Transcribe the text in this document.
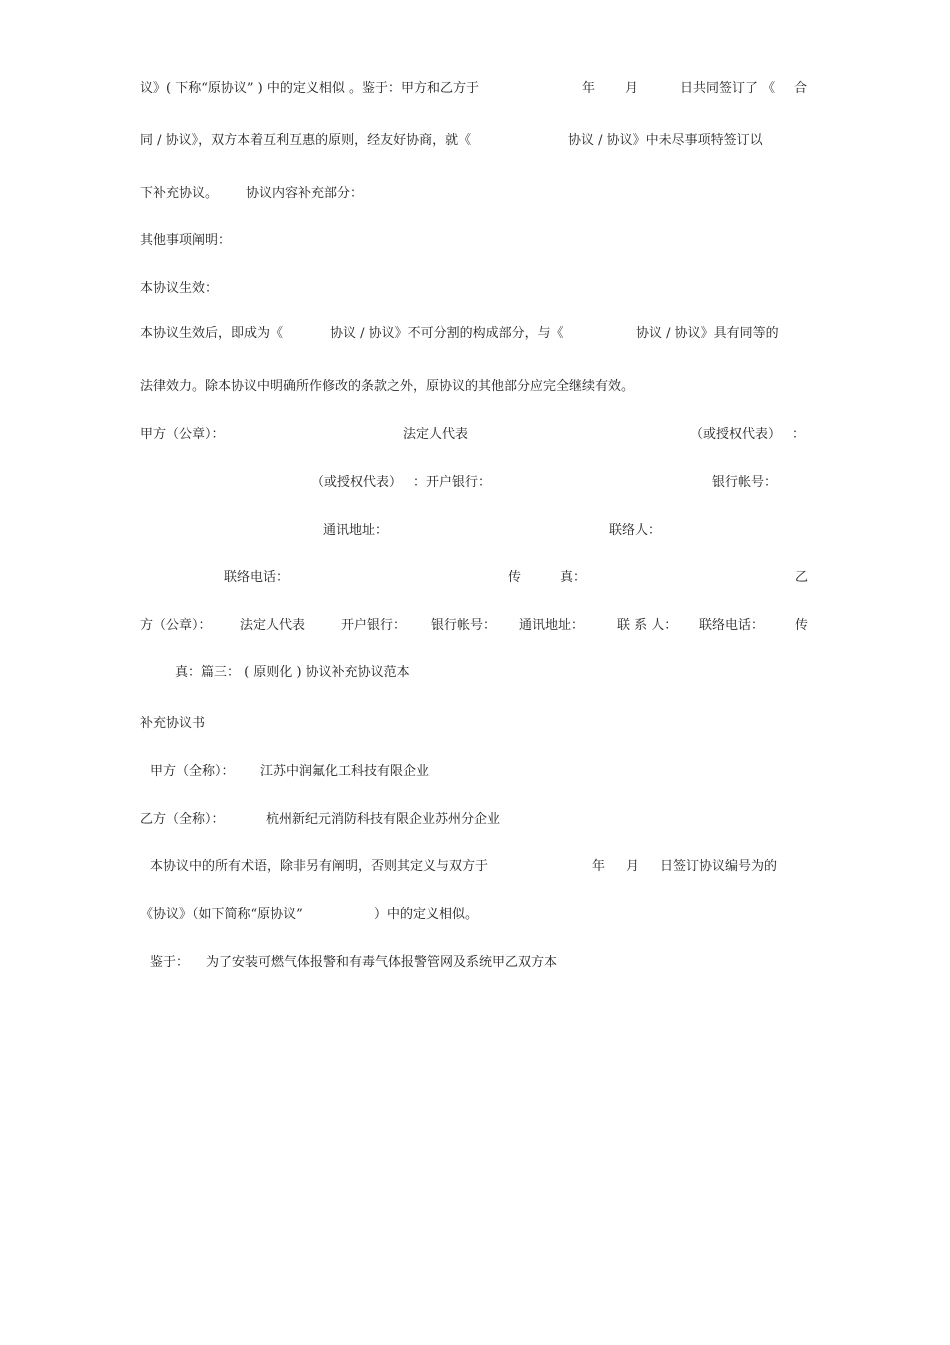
议》( 下称“原协议” ) 中的定义相似 。鉴于：甲方和乙方于	年 月	日共同签订了 《 合
同 / 协议》，双方本着互利互惠的原则，经友好协商，就《	协议 / 协议》中未尽事项特签订以
下补充协议。 协议内容补充部分：
其他事项阐明：
本协议生效：
本协议生效后，即成为《	协议 / 协议》不可分割的构成部分，与《	协议 / 协议》具有同等的
法律效力。除本协议中明确所作修改的条款之外，原协议的其他部分应完全继续有效。
甲方（公章）：	法定人代表	（或授权代表） ：
（或授权代表） ：开户银行：	银行帐号：
通讯地址：	联络人：
联络电话：	传	真：	乙
方（公章）： 法定人代表	开户银行： 银行帐号： 通讯地址：	联 系 人： 联络电话： 传
真：篇三： ( 原则化 ) 协议补充协议范本
补充协议书
甲方（全称）： 江苏中润氟化工科技有限企业
乙方（全称）：	杭州新纪元消防科技有限企业苏州分企业
本协议中的所有术语，除非另有阐明，否则其定义与双方于	年 月 日签订协议编号为的
《协议》（如下简称“原协议”	）中的定义相似。
鉴于： 为了安装可燃气体报警和有毒气体报警管网及系统甲乙双方本
